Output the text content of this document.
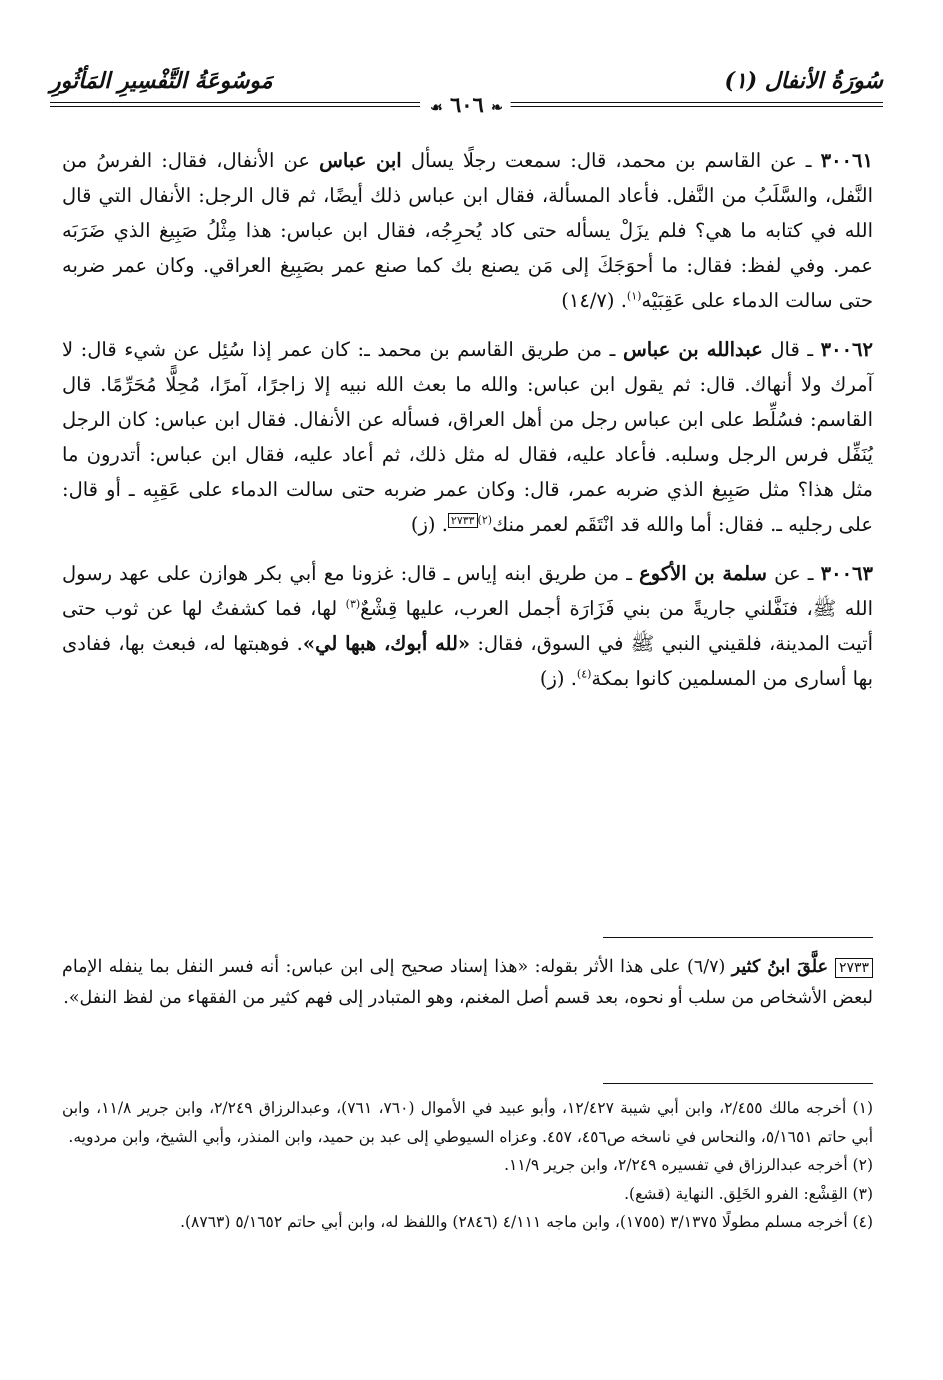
سُورَةُ الأنفال (١)
مَوسُوعَةُ التَّفْسِيرِ المَأثُورِ
❧ ٦٠٦ ☙

٣٠٠٦١ ـ عن القاسم بن محمد، قال: سمعت رجلًا يسأل ابن عباس عن الأنفال، فقال: الفرسُ من النَّفل، والسَّلَبُ من النَّفل. فأعاد المسألة، فقال ابن عباس ذلك أيضًا، ثم قال الرجل: الأنفال التي قال الله في كتابه ما هي؟ فلم يزَلْ يسأله حتى كاد يُحرِجُه، فقال ابن عباس: هذا مِثْلُ صَبِيغ الذي ضَرَبَه عمر. وفي لفظ: فقال: ما أحوَجَكَ إلى مَن يصنع بك كما صنع عمر بصَبِيغ العراقي. وكان عمر ضربه حتى سالت الدماء على عَقِبَيْه$^{(١)}$. (١٤/٧)

٣٠٠٦٢ ـ قال عبدالله بن عباس ـ من طريق القاسم بن محمد ـ: كان عمر إذا سُئِل عن شيء قال: لا آمرك ولا أنهاك. قال: ثم يقول ابن عباس: والله ما بعث الله نبيه إلا زاجرًا، آمرًا، مُحِلًّا مُحَرِّمًا. قال القاسم: فسُلِّط على ابن عباس رجل من أهل العراق، فسأله عن الأنفال. فقال ابن عباس: كان الرجل يُنَفِّل فرس الرجل وسلبه. فأعاد عليه، فقال له مثل ذلك، ثم أعاد عليه، فقال ابن عباس: أتدرون ما مثل هذا؟ مثل صَبِيغ الذي ضربه عمر، قال: وكان عمر ضربه حتى سالت الدماء على عَقِبِه ـ أو قال: على رجليه ـ. فقال: أما والله قد انْتَقَم لعمر منك$^{(٢)}$٢٧٣٣. (ز)

٣٠٠٦٣ ـ عن سلمة بن الأكوع ـ من طريق ابنه إياس ـ قال: غزونا مع أبي بكر هوازن على عهد رسول الله ﷺ، فنَفَّلني جاريةً من بني فَزَارَة أجمل العرب، عليها قِشْعٌ$^{(٣)}$ لها، فما كشفتُ لها عن ثوب حتى أتيت المدينة، فلقيني النبي ﷺ في السوق، فقال: «لله أبوك، هبها لي». فوهبتها له، فبعث بها، ففادى بها أسارى من المسلمين كانوا بمكة$^{(٤)}$. (ز)

٢٧٣٣ علَّقَ ابنُ كثير (٦/٧) على هذا الأثر بقوله: «هذا إسناد صحيح إلى ابن عباس: أنه فسر النفل بما ينفله الإمام لبعض الأشخاص من سلب أو نحوه، بعد قسم أصل المغنم، وهو المتبادر إلى فهم كثير من الفقهاء من لفظ النفل».

(١) أخرجه مالك ٢/٤٥٥، وابن أبي شيبة ١٢/٤٢٧، وأبو عبيد في الأموال (٧٦٠، ٧٦١)، وعبدالرزاق ٢/٢٤٩، وابن جرير ١١/٨، وابن أبي حاتم ٥/١٦٥١، والنحاس في ناسخه ص٤٥٦، ٤٥٧. وعزاه السيوطي إلى عبد بن حميد، وابن المنذر، وأبي الشيخ، وابن مردويه.

(٢) أخرجه عبدالرزاق في تفسيره ٢/٢٤٩، وابن جرير ١١/٩.

(٣) القِشْع: الفرو الخَلِق. النهاية (قشع).

(٤) أخرجه مسلم مطولًا ٣/١٣٧٥ (١٧٥٥)، وابن ماجه ٤/١١١ (٢٨٤٦) واللفظ له، وابن أبي حاتم ٥/١٦٥٢ (٨٧٦٣).
